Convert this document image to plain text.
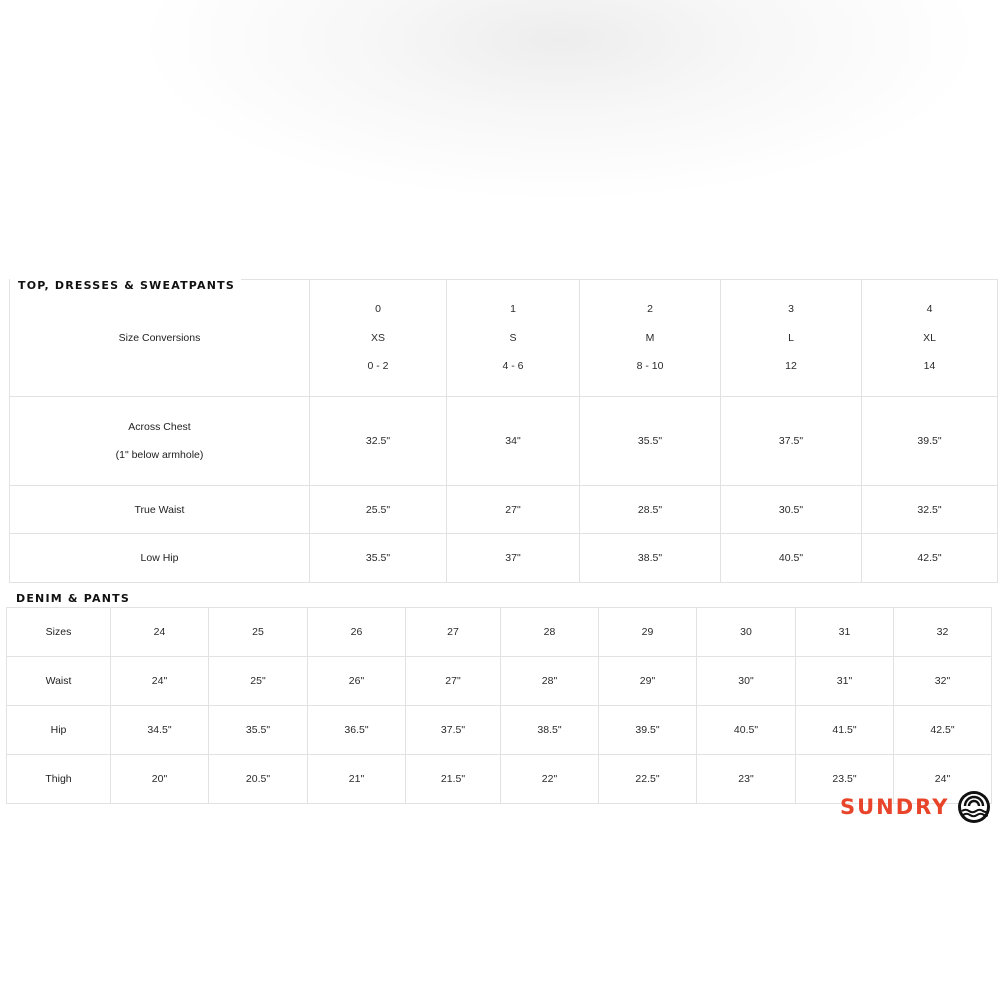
Size Conversions	0
XS
0 - 2	1
S
4 - 6	2
M
8 - 10	3
L
12	4
XL
14

Across Chest
(1" below armhole)	32.5"	34"	35.5"	37.5"	39.5"

True Waist	25.5"	27"	28.5"	30.5"	32.5"

Low Hip	35.5"	37"	38.5"	40.5"	42.5"
TOP, DRESSES & SWEATPANTS
Sizes	24	25	26	27	28	29	30	31	32
Waist	24"	25"	26"	27"	28"	29"	30"	31"	32"
Hip	34.5"	35.5"	36.5"	37.5"	38.5"	39.5"	40.5"	41.5"	42.5"
Thigh	20"	20.5"	21"	21.5"	22"	22.5"	23"	23.5"	24"
DENIM & PANTS
SUNDRY
